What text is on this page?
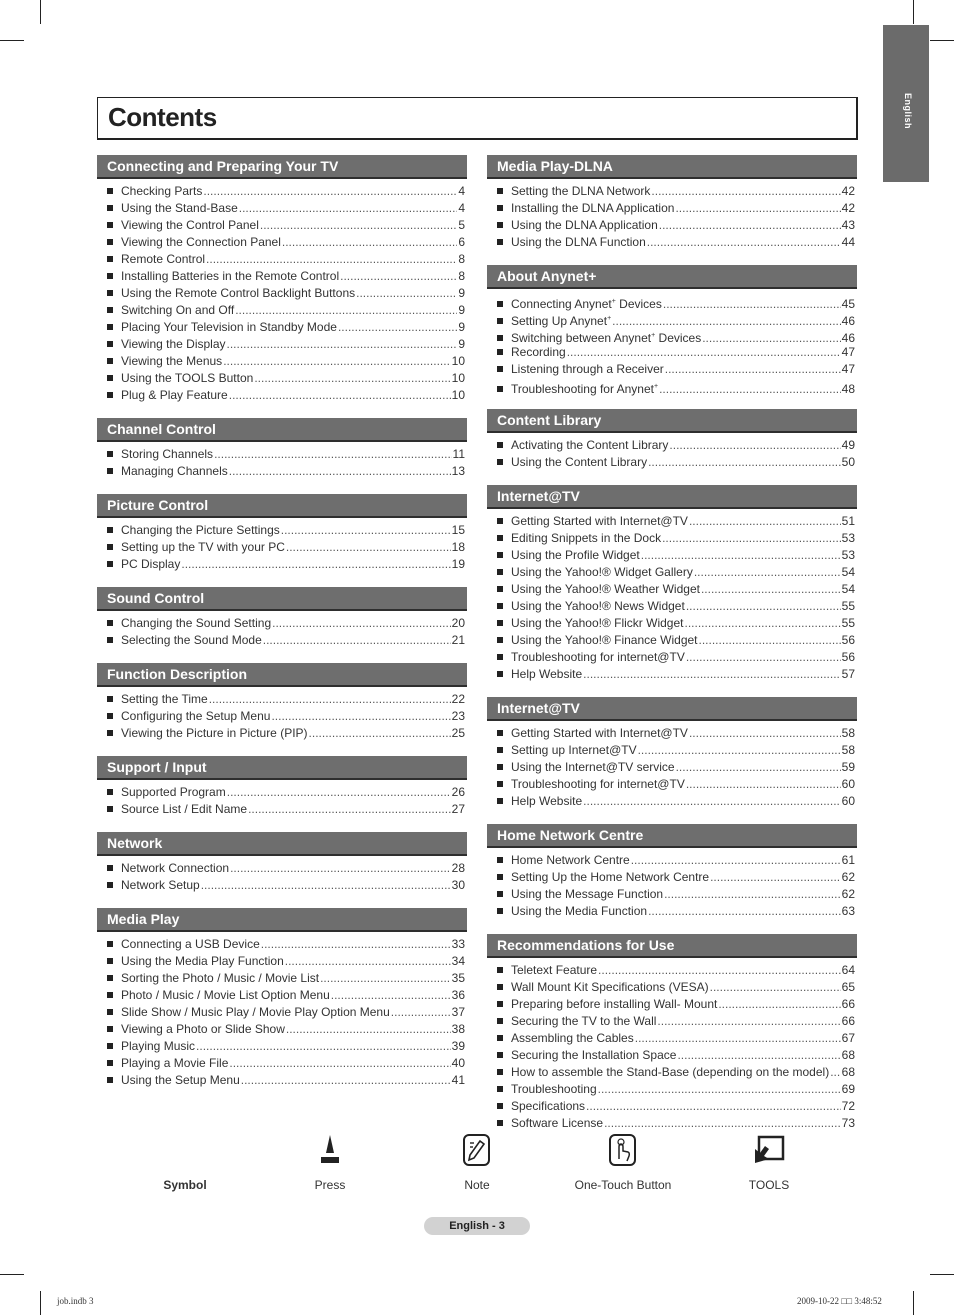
English
Contents
Connecting and Preparing Your TV
Checking Parts .....	4
Using the Stand-Base .....	4
Viewing the Control Panel .....	5
Viewing the Connection Panel .....	6
Remote Control .....	8
Installing Batteries in the Remote Control .....	8
Using the Remote Control Backlight Buttons .....	9
Switching On and Off .....	9
Placing Your Television in Standby Mode .....	9
Viewing the Display .....	9
Viewing the Menus .....	10
Using the TOOLS Button .....	10
Plug & Play Feature .....	10
Channel Control
Storing Channels .....	11
Managing Channels .....	13
Picture Control
Changing the Picture Settings .....	15
Setting up the TV with your PC .....	18
PC Display .....	19
Sound Control
Changing the Sound Setting .....	20
Selecting the Sound Mode .....	21
Function Description
Setting the Time .....	22
Configuring the Setup Menu .....	23
Viewing the Picture in Picture (PIP) .....	25
Support / Input
Supported Program .....	26
Source List / Edit Name .....	27
Network
Network Connection .....	28
Network Setup .....	30
Media Play
Connecting a USB Device .....	33
Using the Media Play Function .....	34
Sorting the Photo / Music / Movie List .....	35
Photo / Music / Movie List Option Menu .....	36
Slide Show / Music Play / Movie Play Option Menu .....	37
Viewing a Photo or Slide Show .....	38
Playing Music .....	39
Playing a Movie File .....	40
Using the Setup Menu .....	41
Media Play-DLNA
Setting the DLNA Network .....	42
Installing the DLNA Application .....	42
Using the DLNA Application .....	43
Using the DLNA Function .....	44
About Anynet+
Connecting Anynet+ Devices .....	45
Setting Up Anynet+ .....	46
Switching between Anynet+ Devices .....	46
Recording .....	47
Listening through a Receiver .....	47
Troubleshooting for Anynet+ .....	48
Content Library
Activating the Content Library .....	49
Using the Content Library .....	50
Internet@TV
Getting Started with Internet@TV .....	51
Editing Snippets in the Dock .....	53
Using the Profile Widget .....	53
Using the Yahoo!® Widget Gallery .....	54
Using the Yahoo!® Weather Widget .....	54
Using the Yahoo!® News Widget .....	55
Using the Yahoo!® Flickr Widget .....	55
Using the Yahoo!® Finance Widget .....	56
Troubleshooting for internet@TV .....	56
Help Website .....	57
Internet@TV
Getting Started with Internet@TV .....	58
Setting up Internet@TV .....	58
Using the Internet@TV service .....	59
Troubleshooting for internet@TV .....	60
Help Website .....	60
Home Network Centre
Home Network Centre .....	61
Setting Up the Home Network Centre .....	62
Using the Message Function .....	62
Using the Media Function .....	63
Recommendations for Use
Teletext Feature .....	64
Wall Mount Kit Specifications (VESA) .....	65
Preparing before installing Wall- Mount .....	66
Securing the TV to the Wall .....	66
Assembling the Cables .....	67
Securing the Installation Space .....	68
How to assemble the Stand-Base (depending on the model) ..... 68
Troubleshooting .....	69
Specifications .....	72
Software License .....	73
Symbol	Press	Note	One-Touch Button	TOOLS
English - 3
job.indb 3	2009-10-22 □□ 3:48:52
